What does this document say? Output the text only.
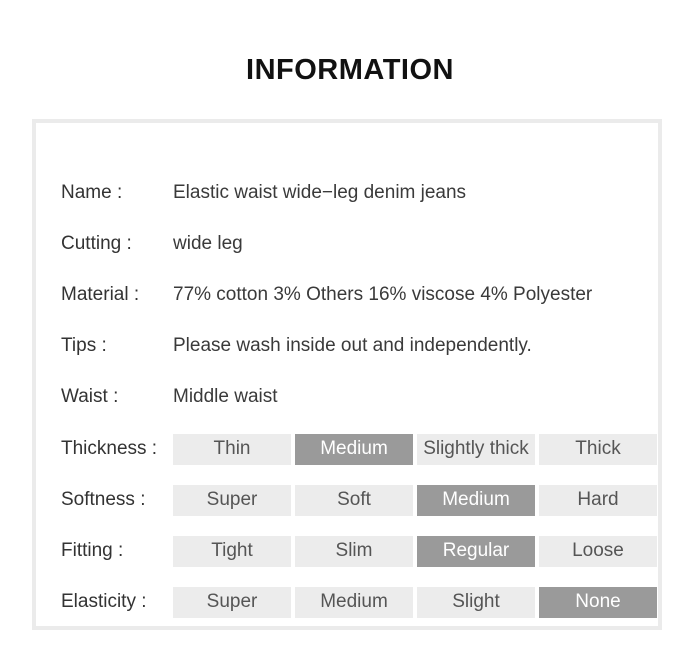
INFORMATION
Name :	Elastic waist wide−leg denim jeans
Cutting :	wide leg
Material :	77% cotton 3% Others 16% viscose 4% Polyester
Tips :	Please wash inside out and independently.
Waist :	Middle waist
Thickness :	Thin	Medium	Slightly thick	Thick
Softness :	Super	Soft	Medium	Hard
Fitting :	Tight	Slim	Regular	Loose
Elasticity :	Super	Medium	Slight	None
